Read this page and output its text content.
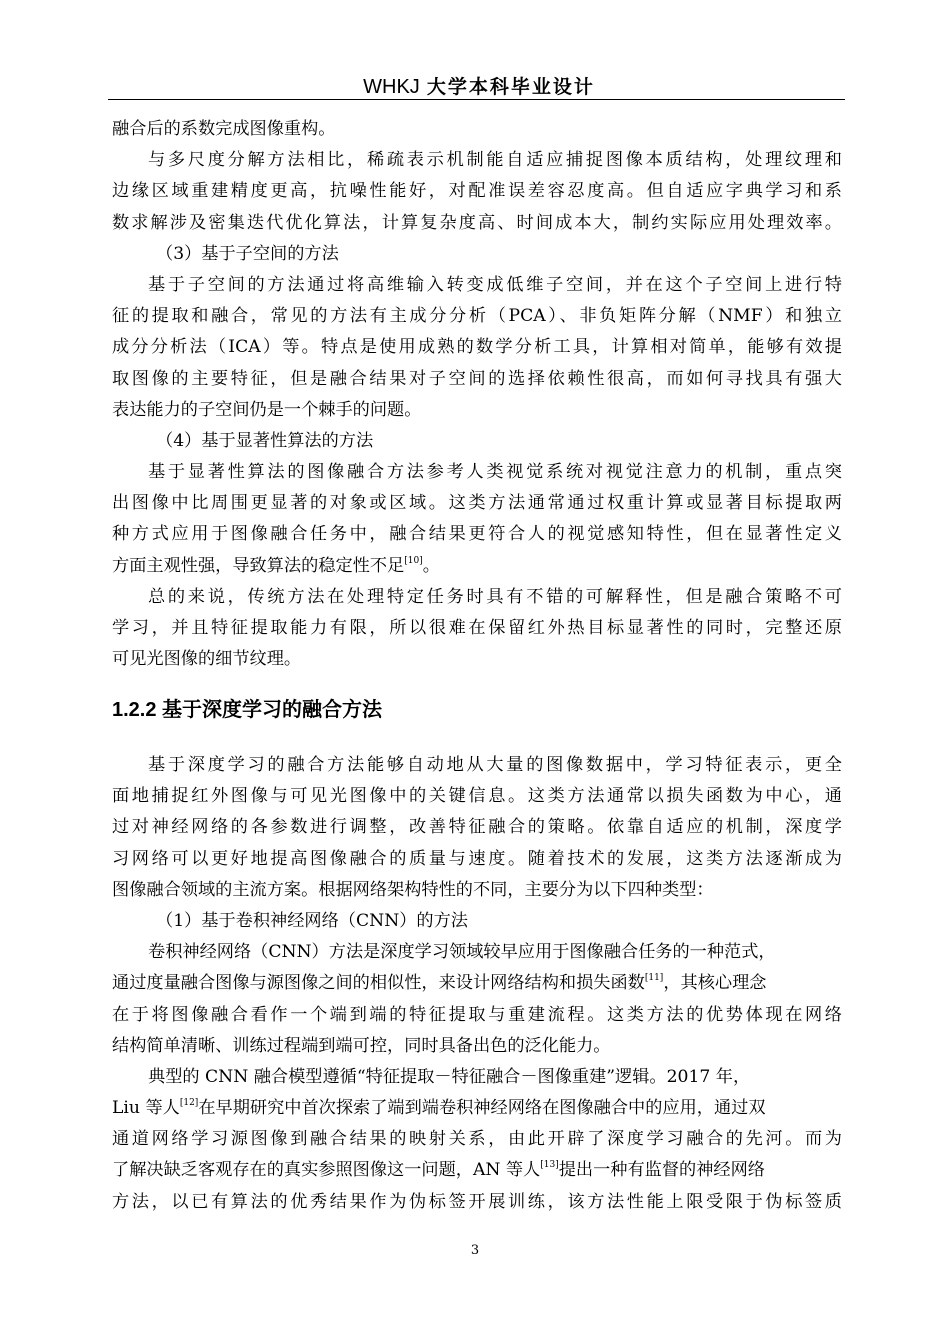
WHKJ 大学本科毕业设计
融合后的系数完成图像重构。
与多尺度分解方法相比，稀疏表示机制能自适应捕捉图像本质结构，处理纹理和
边缘区域重建精度更高，抗噪性能好，对配准误差容忍度高。但自适应字典学习和系
数求解涉及密集迭代优化算法，计算复杂度高、时间成本大，制约实际应用处理效率。
（3）基于子空间的方法
基于子空间的方法通过将高维输入转变成低维子空间，并在这个子空间上进行特
征的提取和融合，常见的方法有主成分分析（PCA）、非负矩阵分解（NMF）和独立
成分分析法（ICA）等。特点是使用成熟的数学分析工具，计算相对简单，能够有效提
取图像的主要特征，但是融合结果对子空间的选择依赖性很高，而如何寻找具有强大
表达能力的子空间仍是一个棘手的问题。
（4）基于显著性算法的方法
基于显著性算法的图像融合方法参考人类视觉系统对视觉注意力的机制，重点突
出图像中比周围更显著的对象或区域。这类方法通常通过权重计算或显著目标提取两
种方式应用于图像融合任务中，融合结果更符合人的视觉感知特性，但在显著性定义
方面主观性强，导致算法的稳定性不足[10]。
总的来说，传统方法在处理特定任务时具有不错的可解释性，但是融合策略不可
学习，并且特征提取能力有限，所以很难在保留红外热目标显著性的同时，完整还原
可见光图像的细节纹理。
1.2.2 基于深度学习的融合方法
基于深度学习的融合方法能够自动地从大量的图像数据中，学习特征表示，更全
面地捕捉红外图像与可见光图像中的关键信息。这类方法通常以损失函数为中心，通
过对神经网络的各参数进行调整，改善特征融合的策略。依靠自适应的机制，深度学
习网络可以更好地提高图像融合的质量与速度。随着技术的发展，这类方法逐渐成为
图像融合领域的主流方案。根据网络架构特性的不同，主要分为以下四种类型：
（1）基于卷积神经网络（CNN）的方法
卷积神经网络（CNN）方法是深度学习领域较早应用于图像融合任务的一种范式，
通过度量融合图像与源图像之间的相似性，来设计网络结构和损失函数[11]，其核心理念
在于将图像融合看作一个端到端的特征提取与重建流程。这类方法的优势体现在网络
结构简单清晰、训练过程端到端可控，同时具备出色的泛化能力。
典型的 CNN 融合模型遵循“特征提取－特征融合－图像重建”逻辑。2017 年，
Liu 等人[12]在早期研究中首次探索了端到端卷积神经网络在图像融合中的应用，通过双
通道网络学习源图像到融合结果的映射关系，由此开辟了深度学习融合的先河。而为
了解决缺乏客观存在的真实参照图像这一问题，AN 等人[13]提出一种有监督的神经网络
方法，以已有算法的优秀结果作为伪标签开展训练，该方法性能上限受限于伪标签质
3
